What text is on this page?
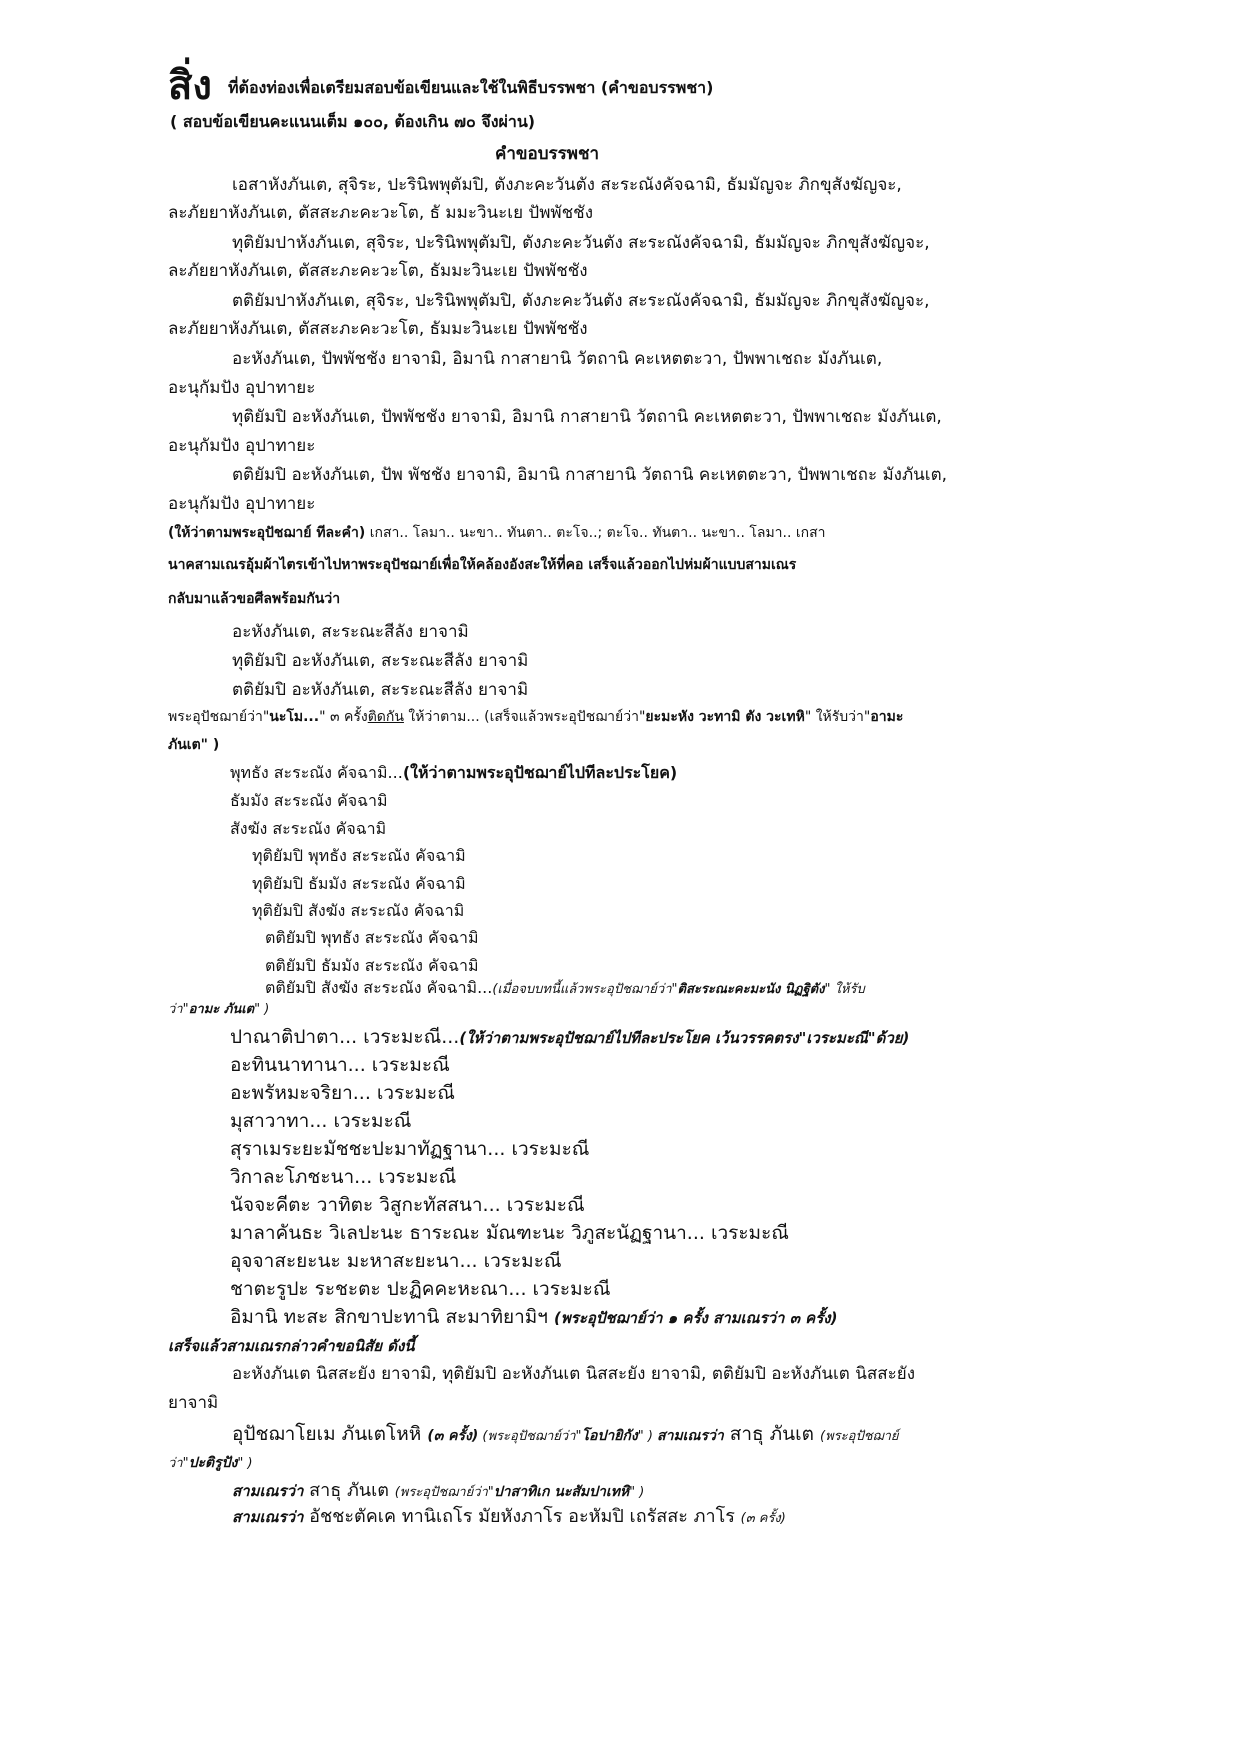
สิ่ง ที่ต้องท่องเพื่อเตรียมสอบข้อเขียนและใช้ในพิธีบรรพชา (คำขอบรรพชา)
( สอบข้อเขียนคะแนนเต็ม ๑๐๐, ต้องเกิน ๗๐ จึงผ่าน)
คำขอบรรพชา
เอสาหังภันเต, สุจิระ, ปะรินิพพุตัมปิ, ตังภะคะวันตัง สะระณังคัจฉามิ, ธัมมัญจะ ภิกขุสังฆัญจะ,
ละภัยยาหังภันเต, ตัสสะภะคะวะโต, ธั มมะวินะเย ปัพพัชชัง
ทุติยัมปาหังภันเต, สุจิระ, ปะรินิพพุตัมปิ, ตังภะคะวันตัง สะระณังคัจฉามิ, ธัมมัญจะ ภิกขุสังฆัญจะ,
ละภัยยาหังภันเต, ตัสสะภะคะวะโต, ธัมมะวินะเย ปัพพัชชัง
ตติยัมปาหังภันเต, สุจิระ, ปะรินิพพุตัมปิ, ตังภะคะวันตัง สะระณังคัจฉามิ, ธัมมัญจะ ภิกขุสังฆัญจะ,
ละภัยยาหังภันเต, ตัสสะภะคะวะโต, ธัมมะวินะเย ปัพพัชชัง
อะหังภันเต, ปัพพัชชัง ยาจามิ, อิมานิ กาสายานิ วัตถานิ คะเหตตะวา, ปัพพาเชถะ มังภันเต,
อะนุกัมปัง อุปาทายะ
ทุติยัมปิ อะหังภันเต, ปัพพัชชัง ยาจามิ, อิมานิ กาสายานิ วัตถานิ คะเหตตะวา, ปัพพาเชถะ มังภันเต,
อะนุกัมปัง อุปาทายะ
ตติยัมปิ อะหังภันเต, ปัพ พัชชัง ยาจามิ, อิมานิ กาสายานิ วัตถานิ คะเหตตะวา, ปัพพาเชถะ มังภันเต,
อะนุกัมปัง อุปาทายะ
(ให้ว่าตามพระอุปัชฌาย์ ทีละคำ) เกสา.. โลมา.. นะขา.. ทันตา.. ตะโจ..; ตะโจ.. ทันตา.. นะขา.. โลมา.. เกสา
นาคสามเณรอุ้มผ้าไตรเข้าไปหาพระอุปัชฌาย์เพื่อให้คล้องอังสะให้ที่คอ เสร็จแล้วออกไปห่มผ้าแบบสามเณร
กลับมาแล้วขอศีลพร้อมกันว่า
อะหังภันเต, สะระณะสีลัง ยาจามิ
ทุติยัมปิ อะหังภันเต, สะระณะสีลัง ยาจามิ
ตติยัมปิ อะหังภันเต, สะระณะสีลัง ยาจามิ
พระอุปัชฌาย์ว่า"นะโม..." ๓ ครั้งติดกัน ให้ว่าตาม... (เสร็จแล้วพระอุปัชฌาย์ว่า"ยะมะหัง วะทามิ ตัง วะเทหิ" ให้รับว่า"อามะ
ภันเต" )
พุทธัง สะระณัง คัจฉามิ...(ให้ว่าตามพระอุปัชฌาย์ไปทีละประโยค)
ธัมมัง สะระณัง คัจฉามิ
สังฆัง สะระณัง คัจฉามิ
ทุติยัมปิ พุทธัง สะระณัง คัจฉามิ
ทุติยัมปิ ธัมมัง สะระณัง คัจฉามิ
ทุติยัมปิ สังฆัง สะระณัง คัจฉามิ
ตติยัมปิ พุทธัง สะระณัง คัจฉามิ
ตติยัมปิ ธัมมัง สะระณัง คัจฉามิ
ตติยัมปิ สังฆัง สะระณัง คัจฉามิ...(เมื่อจบบทนี้แล้วพระอุปัชฌาย์ว่า"ติสะระณะคะมะนัง นิฏฐิตัง" ให้รับ
ว่า"อามะ ภันเต" )
ปาณาติปาตา... เวระมะณี...(ให้ว่าตามพระอุปัชฌาย์ไปทีละประโยค เว้นวรรคตรง"เวระมะณี"ด้วย)
อะทินนาทานา... เวระมะณี
อะพรัหมะจริยา... เวระมะณี
มุสาวาทา... เวระมะณี
สุราเมระยะมัชชะปะมาทัฏฐานา... เวระมะณี
วิกาละโภชะนา... เวระมะณี
นัจจะคีตะ วาทิตะ วิสูกะทัสสนา... เวระมะณี
มาลาคันธะ วิเลปะนะ ธาระณะ มัณฑะนะ วิภูสะนัฏฐานา... เวระมะณี
อุจจาสะยะนะ มะหาสะยะนา... เวระมะณี
ชาตะรูปะ ระชะตะ ปะฏิคคะหะณา... เวระมะณี
อิมานิ ทะสะ สิกขาปะทานิ สะมาทิยามิฯ (พระอุปัชฌาย์ว่า ๑ ครั้ง สามเณรว่า ๓ ครั้ง)
เสร็จแล้วสามเณรกล่าวคำขอนิสัย ดังนี้
อะหังภันเต นิสสะยัง ยาจามิ, ทุติยัมปิ อะหังภันเต นิสสะยัง ยาจามิ, ตติยัมปิ อะหังภันเต นิสสะยัง
ยาจามิ
อุปัชฌาโยเม ภันเตโหหิ (๓ ครั้ง) (พระอุปัชฌาย์ว่า"โอปายิกัง" ) สามเณรว่า สาธุ ภันเต (พระอุปัชฌาย์
ว่า"ปะติรูปัง" )
สามเณรว่า สาธุ ภันเต (พระอุปัชฌาย์ว่า"ปาสาทิเก นะสัมปาเทหิ" )
สามเณรว่า อัชชะตัคเค ทานิเถโร มัยหังภาโร อะหัมปิ เถรัสสะ ภาโร (๓ ครั้ง)
